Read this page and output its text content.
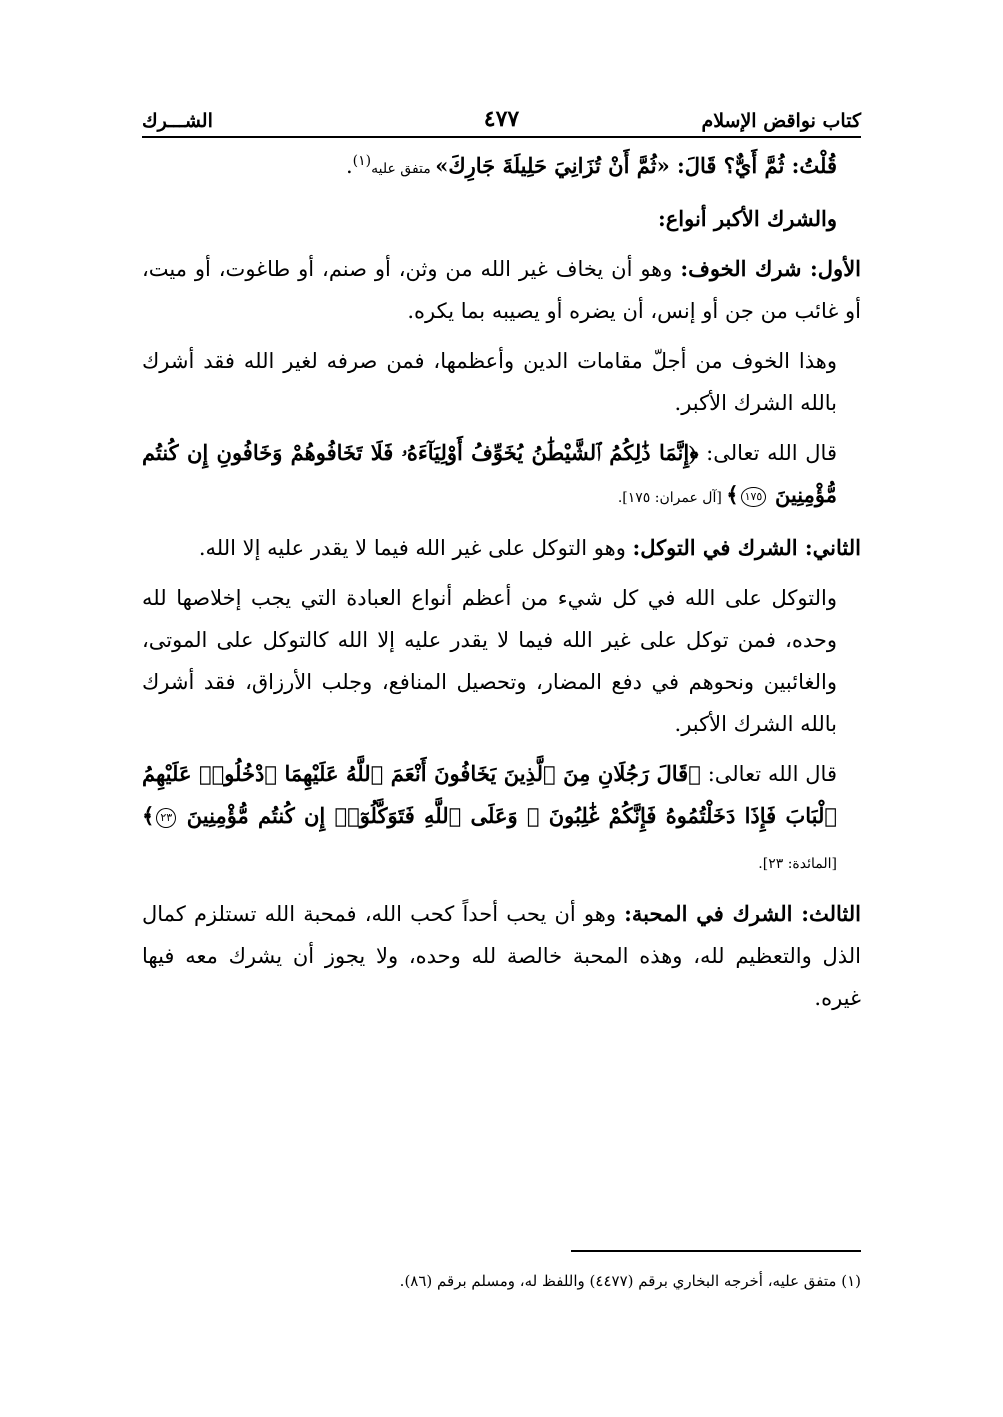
كتاب نواقض الإسلام
٤٧٧
الشـــرك

قُلْتُ: ثُمَّ أَيٌّ؟ قَالَ: «ثُمَّ أَنْ تُزَانِيَ حَلِيلَةَ جَارِكَ» متفق عليه$^{(١)}$.

والشرك الأكبر أنواع:

الأول: شرك الخوف: وهو أن يخاف غير الله من وثن، أو صنم، أو طاغوت، أو ميت، أو غائب من جن أو إنس، أن يضره أو يصيبه بما يكره.

وهذا الخوف من أجلّ مقامات الدين وأعظمها، فمن صرفه لغير الله فقد أشرك بالله الشرك الأكبر.

قال الله تعالى: ﴿إِنَّمَا ذَٰلِكُمُ ٱلشَّيْطَٰنُ يُخَوِّفُ أَوْلِيَآءَهُۥ فَلَا تَخَافُوهُمْ وَخَافُونِ إِن كُنتُم مُّؤْمِنِينَ ١٧٥﴾ [آل عمران: ١٧٥].

الثاني: الشرك في التوكل: وهو التوكل على غير الله فيما لا يقدر عليه إلا الله.

والتوكل على الله في كل شيء من أعظم أنواع العبادة التي يجب إخلاصها لله وحده، فمن توكل على غير الله فيما لا يقدر عليه إلا الله كالتوكل على الموتى، والغائبين ونحوهم في دفع المضار، وتحصيل المنافع، وجلب الأرزاق، فقد أشرك بالله الشرك الأكبر.

قال الله تعالى: ﴿قَالَ رَجُلَانِ مِنَ ٱلَّذِينَ يَخَافُونَ أَنْعَمَ ٱللَّهُ عَلَيْهِمَا ٱدْخُلُوا۟ عَلَيْهِمُ ٱلْبَابَ فَإِذَا دَخَلْتُمُوهُ فَإِنَّكُمْ غَٰلِبُونَ ۚ وَعَلَى ٱللَّهِ فَتَوَكَّلُوٓا۟ إِن كُنتُم مُّؤْمِنِينَ ٢٣﴾ [المائدة: ٢٣].

الثالث: الشرك في المحبة: وهو أن يحب أحداً كحب الله، فمحبة الله تستلزم كمال الذل والتعظيم لله، وهذه المحبة خالصة لله وحده، ولا يجوز أن يشرك معه فيها غيره.

(١) متفق عليه، أخرجه البخاري برقم (٤٤٧٧) واللفظ له، ومسلم برقم (٨٦).
